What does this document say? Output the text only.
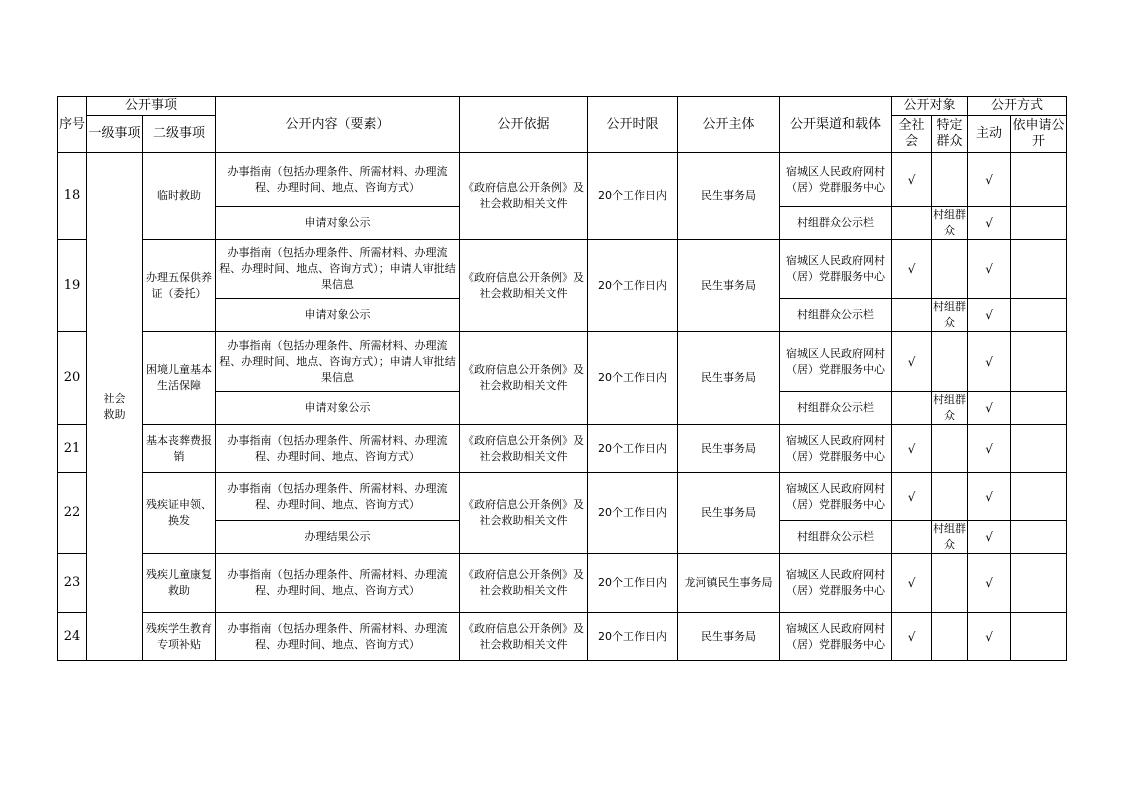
序号	公开事项		公开内容（要素）	公开依据	公开时限	公开主体	公开渠道和载体	公开对象		公开方式	
	一级事项	二级事项						全社会	特定群众	主动	依申请公开
18	社会救助	临时救助	办事指南（包括办理条件、所需材料、办理流程、办理时间、地点、咨询方式）	《政府信息公开条例》及社会救助相关文件	20个工作日内	民生事务局	宿城区人民政府网村（居）党群服务中心	√		√	
			申请对象公示				村组群众公示栏		村组群众	√	
19		办理五保供养证（委托）	办事指南（包括办理条件、所需材料、办理流程、办理时间、地点、咨询方式）；申请人审批结果信息	《政府信息公开条例》及社会救助相关文件	20个工作日内	民生事务局	宿城区人民政府网村（居）党群服务中心	√		√	
			申请对象公示				村组群众公示栏		村组群众	√	
20		困境儿童基本生活保障	办事指南（包括办理条件、所需材料、办理流程、办理时间、地点、咨询方式）；申请人审批结果信息	《政府信息公开条例》及社会救助相关文件	20个工作日内	民生事务局	宿城区人民政府网村（居）党群服务中心	√		√	
			申请对象公示				村组群众公示栏		村组群众	√	
21		基本丧葬费报销	办事指南（包括办理条件、所需材料、办理流程、办理时间、地点、咨询方式）	《政府信息公开条例》及社会救助相关文件	20个工作日内	民生事务局	宿城区人民政府网村（居）党群服务中心	√		√	
22		残疾证申领、换发	办事指南（包括办理条件、所需材料、办理流程、办理时间、地点、咨询方式）	《政府信息公开条例》及社会救助相关文件	20个工作日内	民生事务局	宿城区人民政府网村（居）党群服务中心	√		√	
			办理结果公示				村组群众公示栏		村组群众	√	
23		残疾儿童康复救助	办事指南（包括办理条件、所需材料、办理流程、办理时间、地点、咨询方式）	《政府信息公开条例》及社会救助相关文件	20个工作日内	龙河镇民生事务局	宿城区人民政府网村（居）党群服务中心	√		√	
24		残疾学生教育专项补贴	办事指南（包括办理条件、所需材料、办理流程、办理时间、地点、咨询方式）	《政府信息公开条例》及社会救助相关文件	20个工作日内	民生事务局	宿城区人民政府网村（居）党群服务中心	√		√	
